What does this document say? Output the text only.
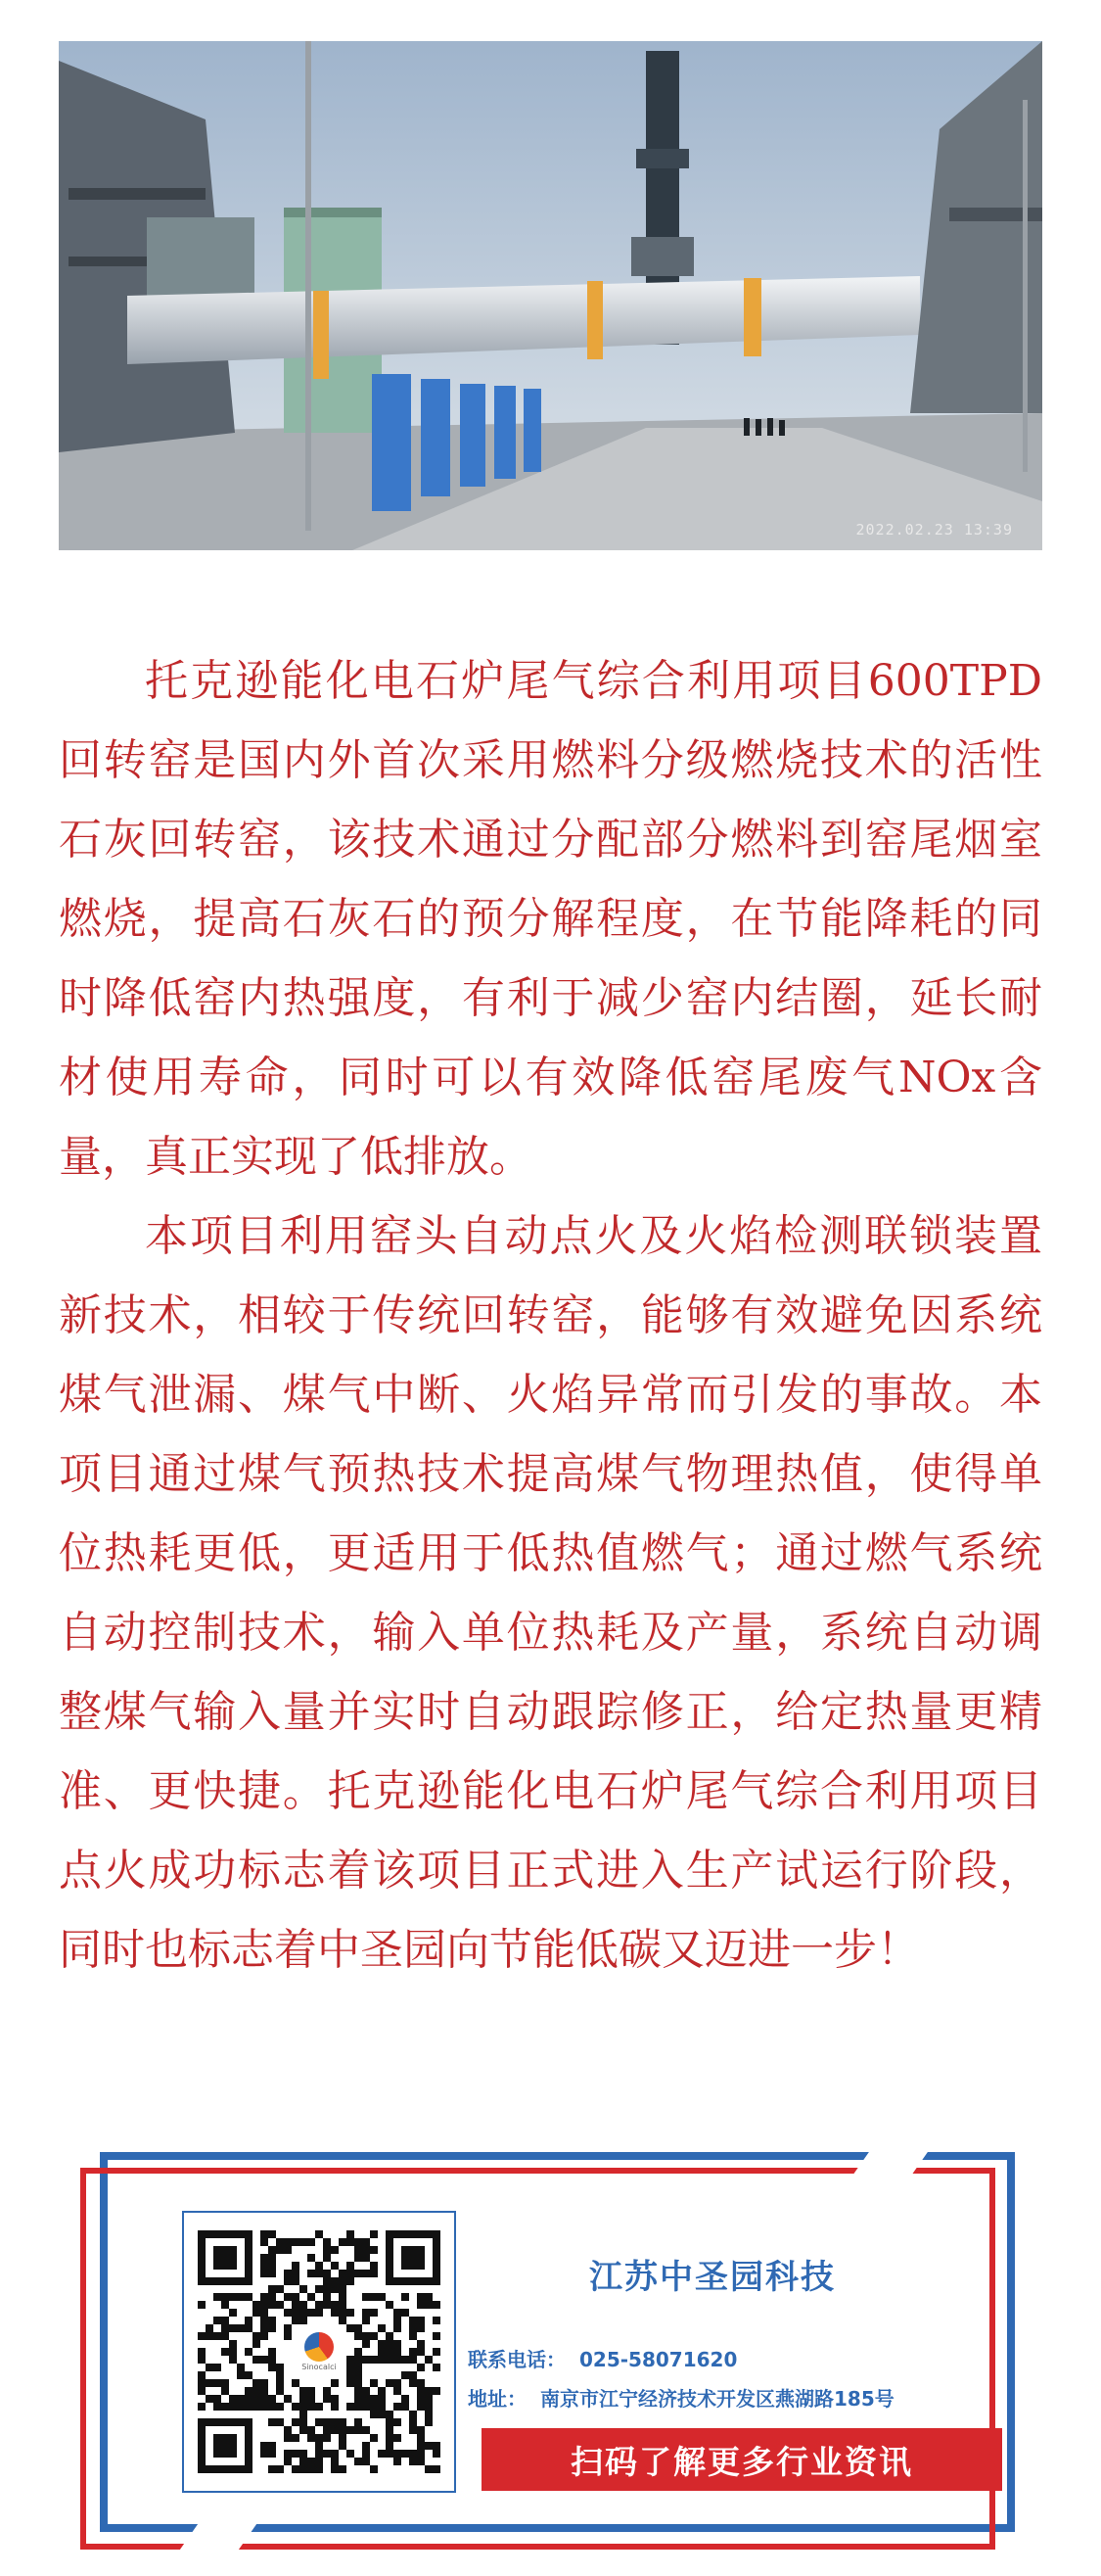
2022.02.23 13:39

托克逊能化电石炉尾气综合利用项目600TPD回转窑是国内外首次采用燃料分级燃烧技术的活性石灰回转窑，该技术通过分配部分燃料到窑尾烟室燃烧，提高石灰石的预分解程度，在节能降耗的同时降低窑内热强度，有利于减少窑内结圈，延长耐材使用寿命，同时可以有效降低窑尾废气NOx含量，真正实现了低排放。

本项目利用窑头自动点火及火焰检测联锁装置新技术，相较于传统回转窑，能够有效避免因系统煤气泄漏、煤气中断、火焰异常而引发的事故。本项目通过煤气预热技术提高煤气物理热值，使得单位热耗更低，更适用于低热值燃气；通过燃气系统自动控制技术，输入单位热耗及产量，系统自动调整煤气输入量并实时自动跟踪修正，给定热量更精准、更快捷。托克逊能化电石炉尾气综合利用项目点火成功标志着该项目正式进入生产试运行阶段，同时也标志着中圣园向节能低碳又迈进一步！

Sinocalci
江苏中圣园科技
联系电话： 025-58071620
地址： 南京市江宁经济技术开发区燕湖路185号
扫码了解更多行业资讯
